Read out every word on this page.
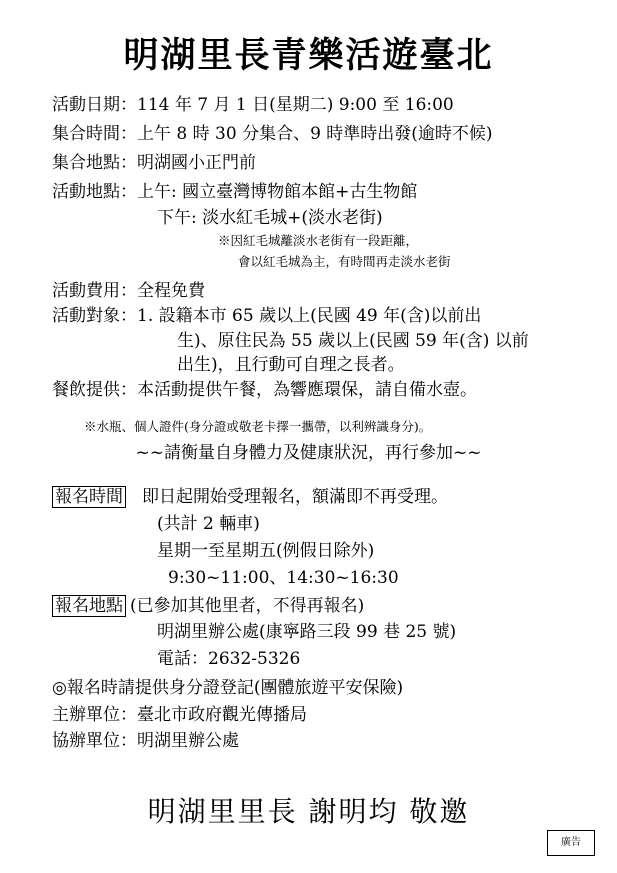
明湖里長青樂活遊臺北
活動日期：114 年 7 月 1 日(星期二) 9:00 至 16:00
集合時間：上午 8 時 30 分集合、9 時準時出發(逾時不候)
集合地點：明湖國小正門前
活動地點：上午: 國立臺灣博物館本館+古生物館
下午: 淡水紅毛城+(淡水老街)
※因紅毛城離淡水老街有一段距離，
會以紅毛城為主，有時間再走淡水老街
活動費用：全程免費
活動對象：1. 設籍本市 65 歲以上(民國 49 年(含)以前出
生)、原住民為 55 歲以上(民國 59 年(含) 以前
出生)，且行動可自理之長者。
餐飲提供：本活動提供午餐，為響應環保，請自備水壺。
※水瓶、個人證件(身分證或敬老卡擇一攜帶，以利辨識身分)。
~~請衡量自身體力及健康狀況，再行參加~~
報名時間 即日起開始受理報名，額滿即不再受理。
(共計 2 輛車)
星期一至星期五(例假日除外)
9:30~11:00、14:30~16:30
報名地點 (已參加其他里者，不得再報名)
明湖里辦公處(康寧路三段 99 巷 25 號)
電話：2632-5326
◎報名時請提供身分證登記(團體旅遊平安保險)
主辦單位：臺北市政府觀光傳播局
協辦單位：明湖里辦公處
明湖里里長 謝明均 敬邀
廣告
